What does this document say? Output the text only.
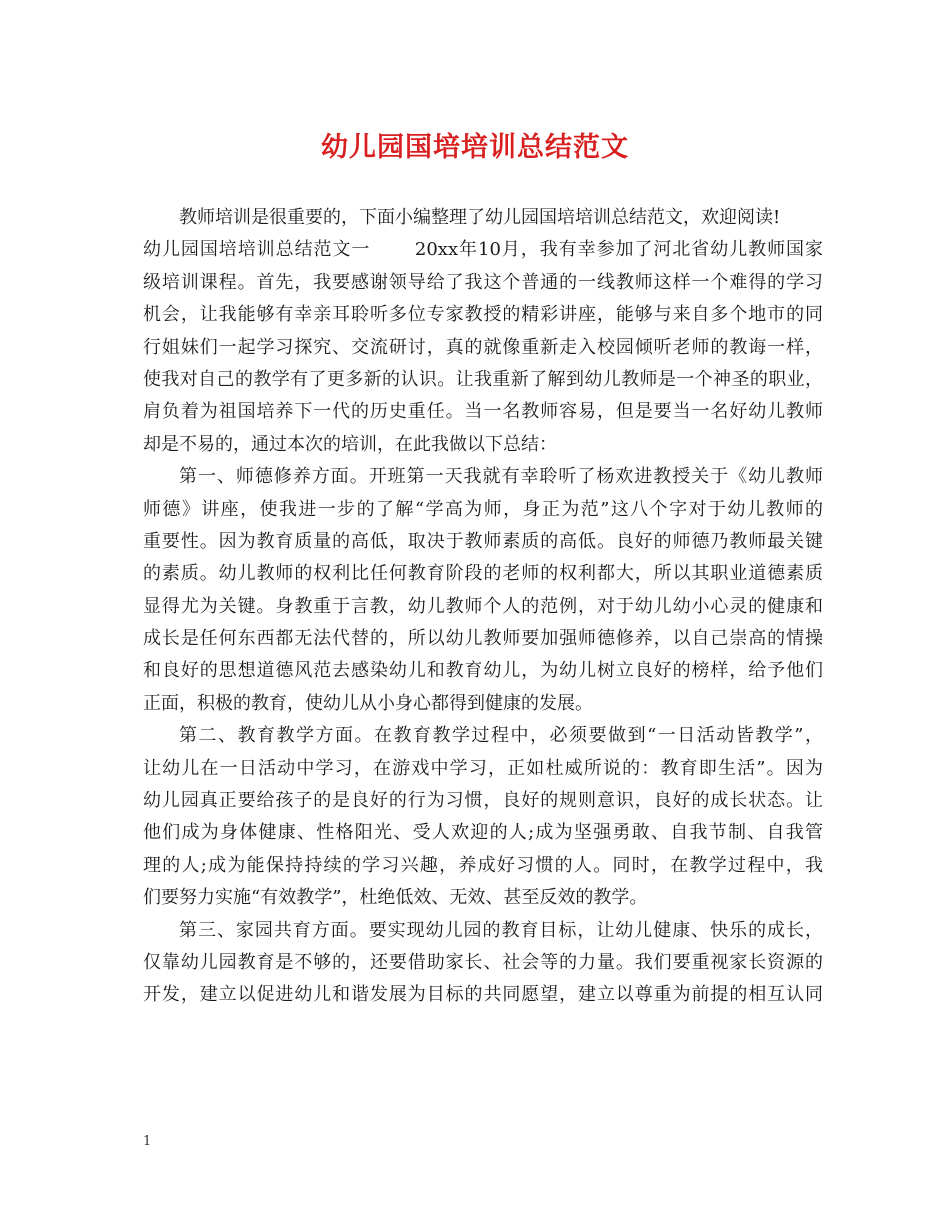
幼儿园国培培训总结范文
教师培训是很重要的，下面小编整理了幼儿园国培培训总结范文，欢迎阅读!
幼儿园国培培训总结范文一　　 20xx年10月，我有幸参加了河北省幼儿教师国家
级培训课程。首先，我要感谢领导给了我这个普通的一线教师这样一个难得的学习
机会，让我能够有幸亲耳聆听多位专家教授的精彩讲座，能够与来自多个地市的同
行姐妹们一起学习探究、交流研讨，真的就像重新走入校园倾听老师的教诲一样，
使我对自己的教学有了更多新的认识。让我重新了解到幼儿教师是一个神圣的职业，
肩负着为祖国培养下一代的历史重任。当一名教师容易，但是要当一名好幼儿教师
却是不易的，通过本次的培训，在此我做以下总结：
第一、师德修养方面。开班第一天我就有幸聆听了杨欢进教授关于《幼儿教师
师德》讲座，使我进一步的了解“学高为师，身正为范”这八个字对于幼儿教师的
重要性。因为教育质量的高低，取决于教师素质的高低。良好的师德乃教师最关键
的素质。幼儿教师的权利比任何教育阶段的老师的权利都大，所以其职业道德素质
显得尤为关键。身教重于言教，幼儿教师个人的范例，对于幼儿幼小心灵的健康和
成长是任何东西都无法代替的，所以幼儿教师要加强师德修养，以自己崇高的情操
和良好的思想道德风范去感染幼儿和教育幼儿，为幼儿树立良好的榜样，给予他们
正面，积极的教育，使幼儿从小身心都得到健康的发展。
第二、教育教学方面。在教育教学过程中，必须要做到“一日活动皆教学”，
让幼儿在一日活动中学习，在游戏中学习，正如杜威所说的：教育即生活”。因为
幼儿园真正要给孩子的是良好的行为习惯，良好的规则意识，良好的成长状态。让
他们成为身体健康、性格阳光、受人欢迎的人;成为坚强勇敢、自我节制、自我管
理的人;成为能保持持续的学习兴趣，养成好习惯的人。同时，在教学过程中，我
们要努力实施“有效教学”，杜绝低效、无效、甚至反效的教学。
第三、家园共育方面。要实现幼儿园的教育目标，让幼儿健康、快乐的成长，
仅靠幼儿园教育是不够的，还要借助家长、社会等的力量。我们要重视家长资源的
开发，建立以促进幼儿和谐发展为目标的共同愿望，建立以尊重为前提的相互认同
1
